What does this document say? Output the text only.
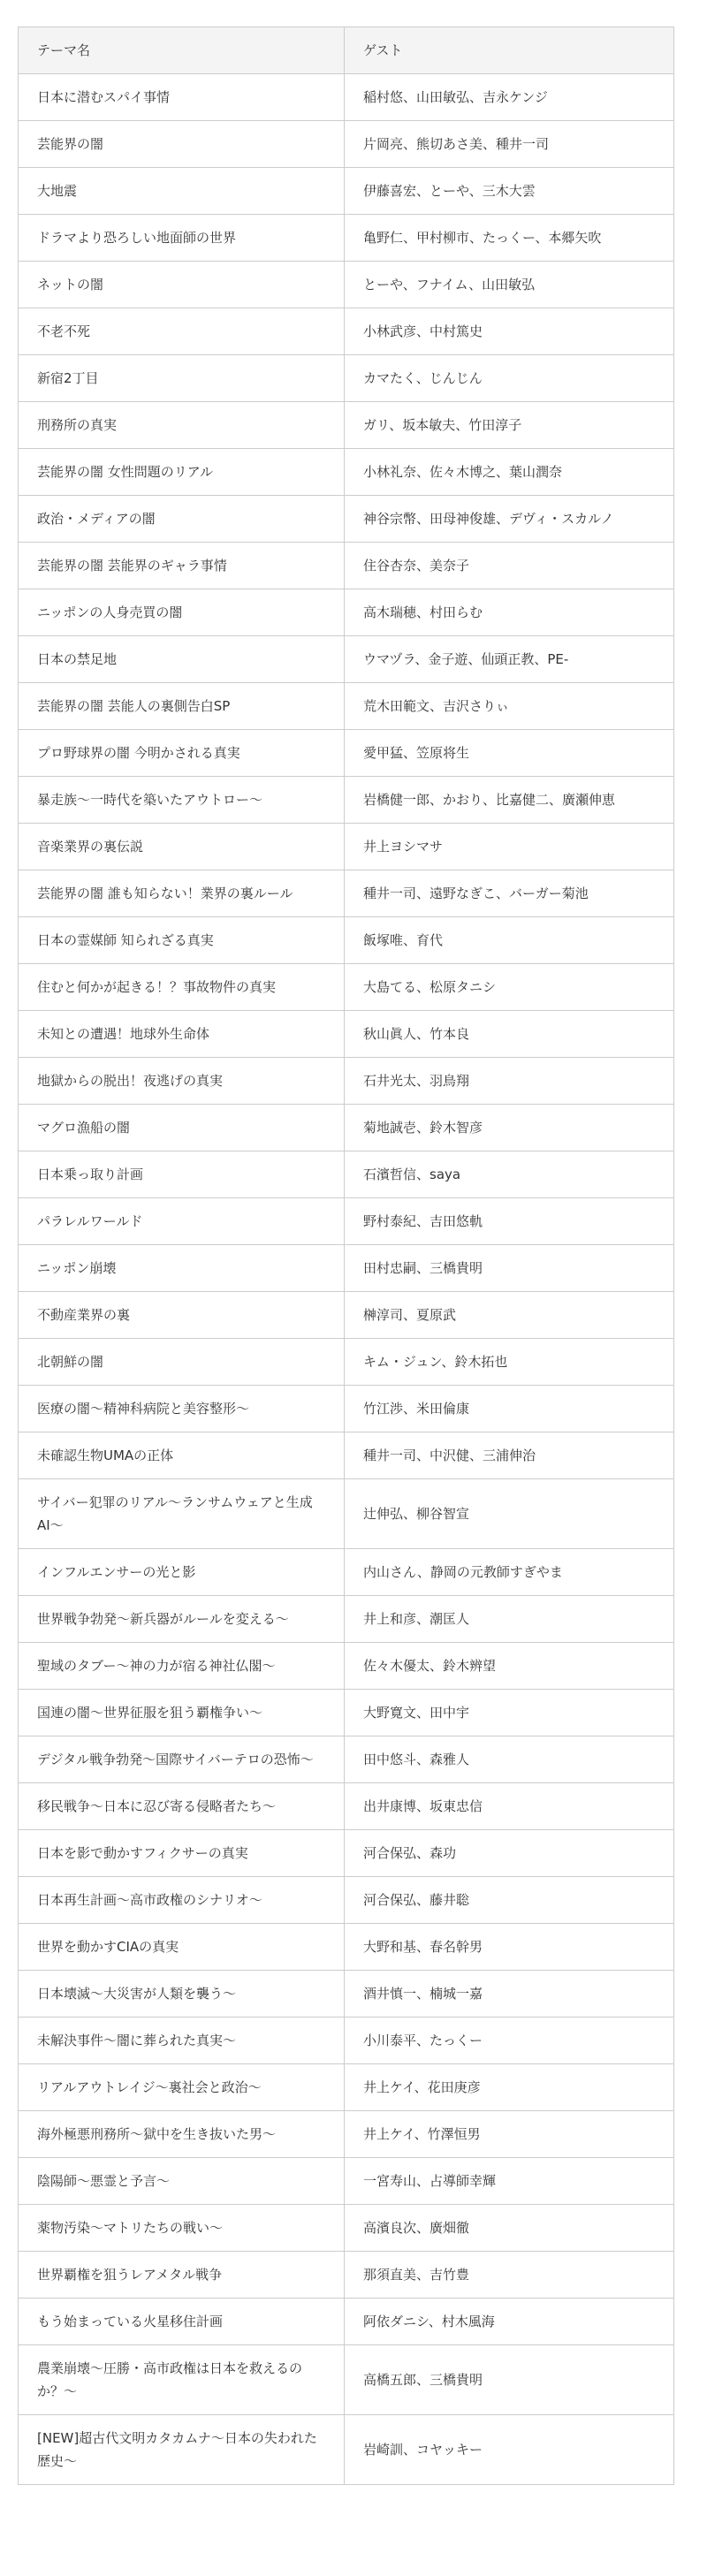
テーマ名	ゲスト
日本に潜むスパイ事情	稲村悠、山田敏弘、吉永ケンジ
芸能界の闇	片岡亮、熊切あさ美、種井一司
大地震	伊藤喜宏、とーや、三木大雲
ドラマより恐ろしい地面師の世界	亀野仁、甲村柳市、たっくー、本郷矢吹
ネットの闇	とーや、フナイム、山田敏弘
不老不死	小林武彦、中村篤史
新宿2丁目	カマたく、じんじん
刑務所の真実	ガリ、坂本敏夫、竹田淳子
芸能界の闇 女性問題のリアル	小林礼奈、佐々木博之、葉山潤奈
政治・メディアの闇	神谷宗幣、田母神俊雄、デヴィ・スカルノ
芸能界の闇 芸能界のギャラ事情	住谷杏奈、美奈子
ニッポンの人身売買の闇	高木瑞穂、村田らむ
日本の禁足地	ウマヅラ、金子遊、仙頭正教、PE-
芸能界の闇 芸能人の裏側告白SP	荒木田範文、吉沢さりぃ
プロ野球界の闇 今明かされる真実	愛甲猛、笠原将生
暴走族～一時代を築いたアウトロー～	岩橋健一郎、かおり、比嘉健二、廣瀬伸恵
音楽業界の裏伝説	井上ヨシマサ
芸能界の闇 誰も知らない！業界の裏ルール	種井一司、遠野なぎこ、バーガー菊池
日本の霊媒師 知られざる真実	飯塚唯、育代
住むと何かが起きる！？事故物件の真実	大島てる、松原タニシ
未知との遭遇！地球外生命体	秋山眞人、竹本良
地獄からの脱出！夜逃げの真実	石井光太、羽鳥翔
マグロ漁船の闇	菊地誠壱、鈴木智彦
日本乗っ取り計画	石濱哲信、saya
パラレルワールド	野村泰紀、吉田悠軌
ニッポン崩壊	田村忠嗣、三橋貴明
不動産業界の裏	榊淳司、夏原武
北朝鮮の闇	キム・ジュン、鈴木拓也
医療の闇～精神科病院と美容整形～	竹江渉、米田倫康
未確認生物UMAの正体	種井一司、中沢健、三浦伸治
サイバー犯罪のリアル～ランサムウェアと生成AI～	辻伸弘、柳谷智宣
インフルエンサーの光と影	内山さん、静岡の元教師すぎやま
世界戦争勃発～新兵器がルールを変える～	井上和彦、潮匡人
聖域のタブー～神の力が宿る神社仏閣～	佐々木優太、鈴木辨望
国連の闇～世界征服を狙う覇権争い～	大野寛文、田中宇
デジタル戦争勃発～国際サイバーテロの恐怖～	田中悠斗、森雅人
移民戦争～日本に忍び寄る侵略者たち～	出井康博、坂東忠信
日本を影で動かすフィクサーの真実	河合保弘、森功
日本再生計画～高市政権のシナリオ～	河合保弘、藤井聡
世界を動かすCIAの真実	大野和基、春名幹男
日本壊滅～大災害が人類を襲う～	酒井慎一、楠城一嘉
未解決事件～闇に葬られた真実～	小川泰平、たっくー
リアルアウトレイジ～裏社会と政治～	井上ケイ、花田庚彦
海外極悪刑務所～獄中を生き抜いた男～	井上ケイ、竹澤恒男
陰陽師～悪霊と予言～	一宮寿山、占導師幸輝
薬物汚染～マトリたちの戦い～	高濱良次、廣畑徹
世界覇権を狙うレアメタル戦争	那須直美、吉竹豊
もう始まっている火星移住計画	阿依ダニシ、村木風海
農業崩壊～圧勝・高市政権は日本を救えるのか？～	高橋五郎、三橋貴明
[NEW]超古代文明カタカムナ～日本の失われた歴史～	岩崎訓、コヤッキー
